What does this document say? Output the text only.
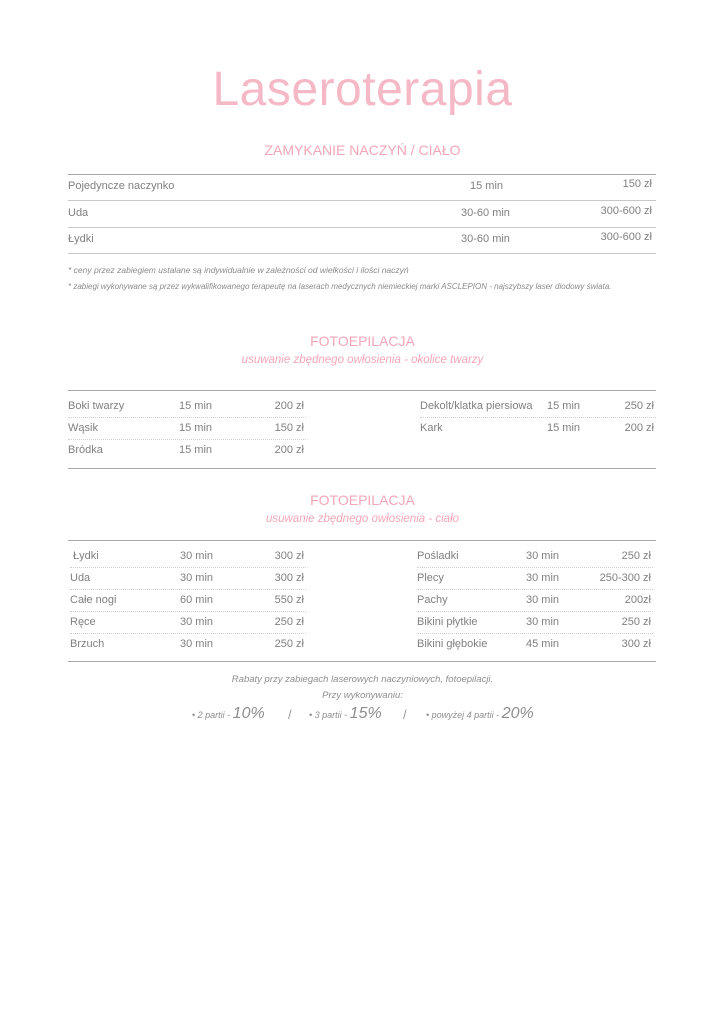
Laseroterapia
ZAMYKANIE NACZYŃ / CIAŁO
Pojedyncze naczynko	15 min	150 zł
Uda	30-60 min	300-600 zł
Łydki	30-60 min	300-600 zł
* ceny przez zabiegiem ustalane są indywidualnie w zależności od wielkości i ilości naczyń
* zabiegi wykonywane są przez wykwalifikowanego terapeutę na laserach medycznych niemieckiej marki ASCLEPION - najszybszy laser diodowy świata.
FOTOEPILACJA
usuwanie zbędnego owłosienia - okolice twarzy
Boki twarzy	15 min	200 zł
Wąsik	15 min	150 zł
Bródka	15 min	200 zł
Dekolt/klatka piersiowa 15 min	250 zł
Kark	15 min	200 zł
FOTOEPILACJA
usuwanie zbędnego owłosienia - ciało
Łydki	30 min	300 zł
Uda	30 min	300 zł
Całe nogi	60 min	550 zł
Ręce	30 min	250 zł
Brzuch	30 min	250 zł
Pośladki	30 min	250 zł
Plecy	30 min	250-300 zł
Pachy	30 min	200zł
Bikini płytkie	30 min	250 zł
Bikini głębokie	45 min	300 zł
Rabaty przy zabiegach laserowych naczyniowych, fotoepilacji.
Przy wykonywaniu:
• 2 partii - 10% / • 3 partii - 15% / • powyżej 4 partii - 20%
